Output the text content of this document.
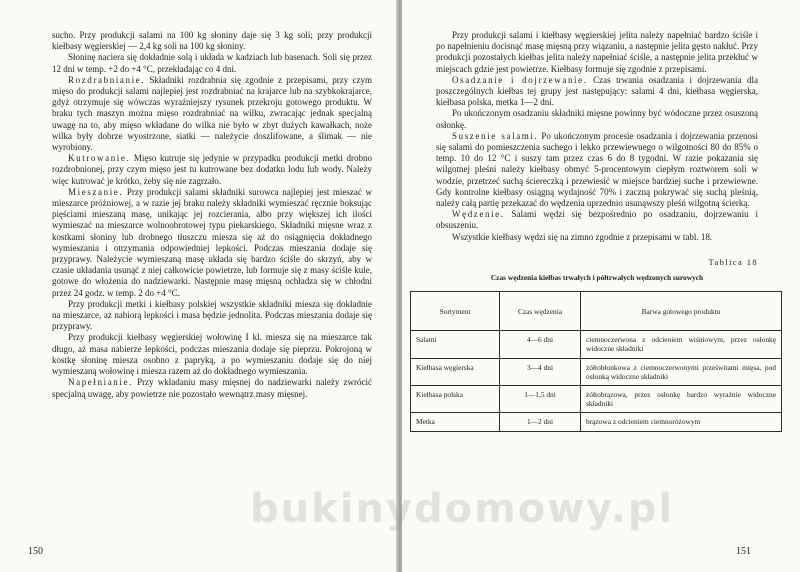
sucho. Przy produkcji salami na 100 kg słoniny daje się 3 kg soli; przy produkcji kiełbasy węgierskiej — 2,4 kg soli na 100 kg słoniny.

Słoninę naciera się dokładnie solą i układa w kadziach lub basenach. Soli się przez 12 dni w temp. +2 do +4 °C, przekładając co 4 dni.

Rozdrabnianie. Składniki rozdrabnia się zgodnie z przepisami, przy czym mięso do produkcji salami najlepiej jest rozdrabniać na krajarce lub na szybkokrajarce, gdyż otrzymuje się wówczas wyraźniejszy rysunek przekroju gotowego produktu. W braku tych maszyn można mięso rozdrabniać na wilku, zwracając jednak specjalną uwagę na to, aby mięso wkładane do wilka nie było w zbyt dużych kawałkach, noże wilka były dobrze wyostrzone, siatki — należycie doszlifowane, a ślimak — nie wyrobiony.

Kutrowanie. Mięso kutruje się jedynie w przypadku produkcji metki drobno rozdrobnionej, przy czym mięso jest tu kutrowane bez dodatku lodu lub wody. Należy więc kutrować je krótko, żeby się nie zagrzało.

Mieszanie. Przy produkcji salami składniki surowca najlepiej jest mieszać w mieszarce próżniowej, a w razie jej braku należy składniki wymieszać ręcznie boksując pięściami mieszaną masę, unikając jej rozcierania, albo przy większej ich ilości wymieszać na mieszarce wolnoobrotowej typu piekarskiego. Składniki mięsne wraz z kostkami słoniny lub drobnego tłuszczu miesza się aż do osiągnięcia dokładnego wymieszania i otrzymania odpowiedniej lepkości. Podczas mieszania dodaje się przyprawy. Należycie wymieszaną masę układa się bardzo ściśle do skrzyń, aby w czasie układania usunąć z niej całkowicie powietrze, lub formuje się z masy ściśle kule, gotowe do włożenia do nadziewarki. Następnie masę mięsną ochładza się w chłodni przez 24 godz. w temp. 2 do +4 °C.

Przy produkcji metki i kiełbasy polskiej wszystkie składniki miesza się dokładnie na mieszarce, aż nabiorą lepkości i masa będzie jednolita. Podczas mieszania dodaje się przyprawy.

Przy produkcji kiełbasy węgierskiej wołowinę I kl. miesza się na mieszarce tak długo, aż masa nabierze lepkości, podczas mieszania dodaje się pieprzu. Pokrojoną w kostkę słoninę miesza osobno z papryką, a po wymieszaniu dodaje się do niej wymieszaną wołowinę i miesza razem aż do dokładnego wymieszania.

Napełnianie. Przy wkładaniu masy mięsnej do nadziewarki należy zwrócić specjalną uwagę, aby powietrze nie pozostało wewnątrz masy mięsnej.

150

Przy produkcji salami i kiełbasy węgierskiej jelita należy napełniać bardzo ściśle i po napełnieniu docisnąć masę mięsną przy wiązaniu, a następnie jelita gęsto nakłuć. Przy produkcji pozostałych kiełbas jelita należy napełniać ściśle, a następnie jelita przekłuć w miejscach gdzie jest powietrze. Kiełbasy formuje się zgodnie z przepisami.

Osadzanie i dojrzewanie. Czas trwania osadzania i dojrzewania dla poszczególnych kiełbas tej grupy jest następujący: salami 4 dni, kiełbasa węgierska, kiełbasa polska, metka 1—2 dni.

Po ukończonym osadzaniu składniki mięsne powinny być wódoczne przez osuszoną osłonkę.

Suszenie salami. Po ukończonym procesie osadzania i dojrzewania przenosi się salami do pomieszczenia suchego i lekko przewiewnego o wilgotności 80 do 85% o temp. 10 do 12 °C i suszy tam przez czas 6 do 8 tygodni. W razie pokazania się wilgotnej pleśni należy kiełbasy obmyć 5-procentowym ciepłym roztworem soli w wodzie, przetrzeć suchą ściereczką i przewiesić w miejsce bardziej suche i przewiewne. Gdy kontrolne kiełbasy osiągną wydajność 70% i zaczną pokrywać się suchą pleśnią, należy całą partię przekazać do wędzenia uprzednio usunąwszy pleśń wilgotną ścierką.

Wędzenie. Salami wędzi się bezpośrednio po osadzaniu, dojrzewaniu i obsuszeniu.

Wszystkie kiełbasy wędzi się na zimno zgodnie z przepisami w tabl. 18.

Tablica 18
Czas wędzenia kiełbas trwałych i półtrwałych wędzonych surowych
Sortyment	Czas wędzenia	Barwa gotowego produktu
Salami	4—6 dni	ciemnoczerwona z odcieniem wiśniowym, przez osłonkę widoczne składniki
Kiełbasa węgierska	3—4 dni	żółtobłonkowa z ciemnoczerwonymi prześwitami mięsa, pod osłonką widoczne składniki
Kiełbasa polska	1—1,5 dni	żółtobrązowa, przez osłonkę bardzo wyraźnie widoczne składniki
Metka	1—2 dni	brązowa z odcieniem ciemnoróżowym
151
bukinydomowy.pl
